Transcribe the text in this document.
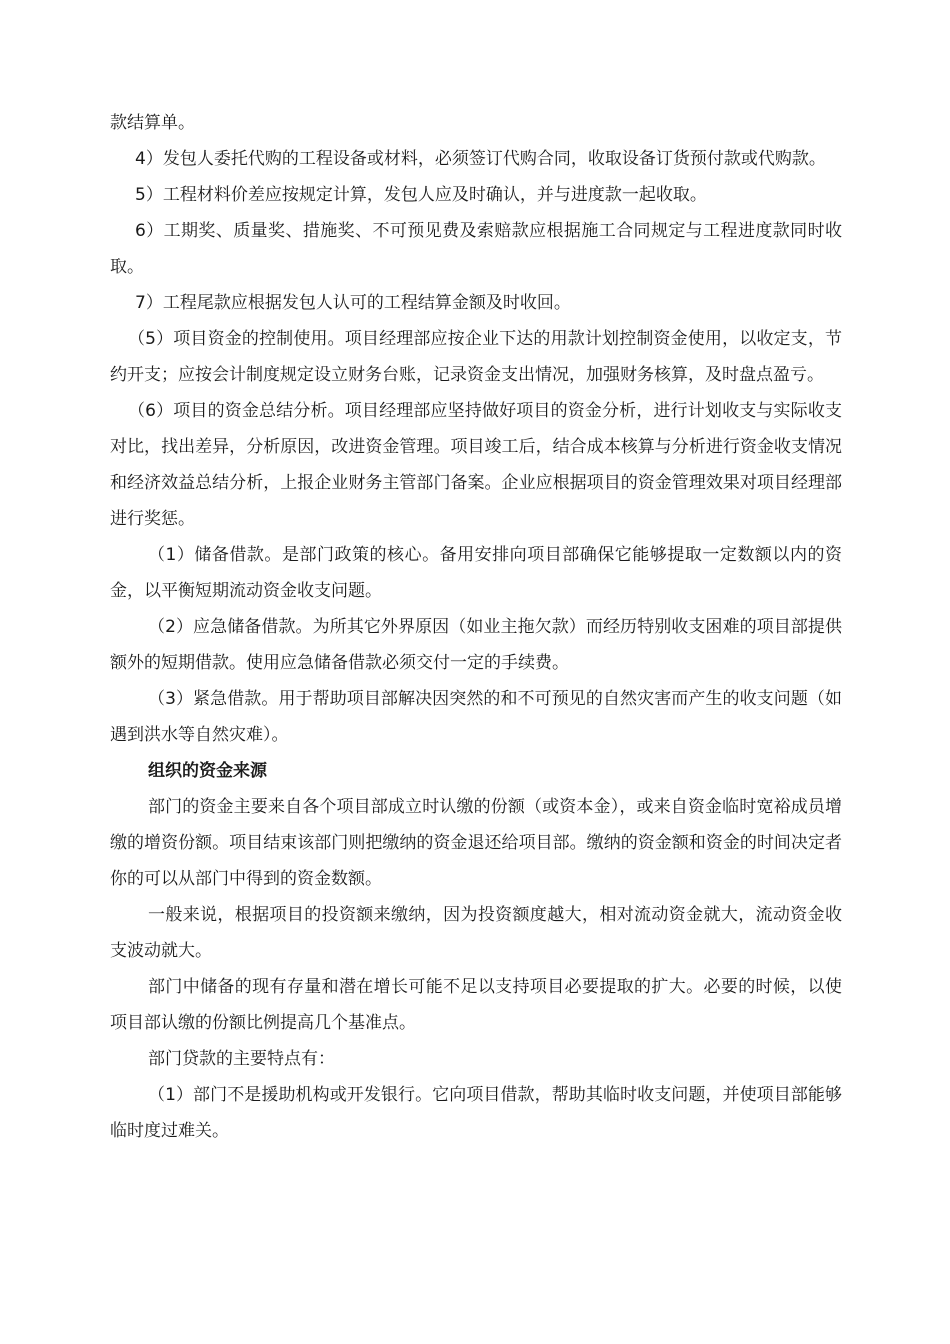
款结算单。

4）发包人委托代购的工程设备或材料，必须签订代购合同，收取设备订货预付款或代购款。

5）工程材料价差应按规定计算，发包人应及时确认，并与进度款一起收取。

6）工期奖、质量奖、措施奖、不可预见费及索赔款应根据施工合同规定与工程进度款同时收取。

7）工程尾款应根据发包人认可的工程结算金额及时收回。

（5）项目资金的控制使用。项目经理部应按企业下达的用款计划控制资金使用，以收定支，节约开支；应按会计制度规定设立财务台账，记录资金支出情况，加强财务核算，及时盘点盈亏。

（6）项目的资金总结分析。项目经理部应坚持做好项目的资金分析，进行计划收支与实际收支对比，找出差异，分析原因，改进资金管理。项目竣工后，结合成本核算与分析进行资金收支情况和经济效益总结分析，上报企业财务主管部门备案。企业应根据项目的资金管理效果对项目经理部进行奖惩。

（1）储备借款。是部门政策的核心。备用安排向项目部确保它能够提取一定数额以内的资金，以平衡短期流动资金收支问题。

（2）应急储备借款。为所其它外界原因（如业主拖欠款）而经历特别收支困难的项目部提供额外的短期借款。使用应急储备借款必须交付一定的手续费。

（3）紧急借款。用于帮助项目部解决因突然的和不可预见的自然灾害而产生的收支问题（如遇到洪水等自然灾难）。

组织的资金来源

部门的资金主要来自各个项目部成立时认缴的份额（或资本金），或来自资金临时宽裕成员增缴的增资份额。项目结束该部门则把缴纳的资金退还给项目部。缴纳的资金额和资金的时间决定者你的可以从部门中得到的资金数额。

一般来说，根据项目的投资额来缴纳，因为投资额度越大，相对流动资金就大，流动资金收支波动就大。

部门中储备的现有存量和潜在增长可能不足以支持项目必要提取的扩大。必要的时候，以使项目部认缴的份额比例提高几个基准点。

部门贷款的主要特点有：

（1）部门不是援助机构或开发银行。它向项目借款，帮助其临时收支问题，并使项目部能够临时度过难关。
